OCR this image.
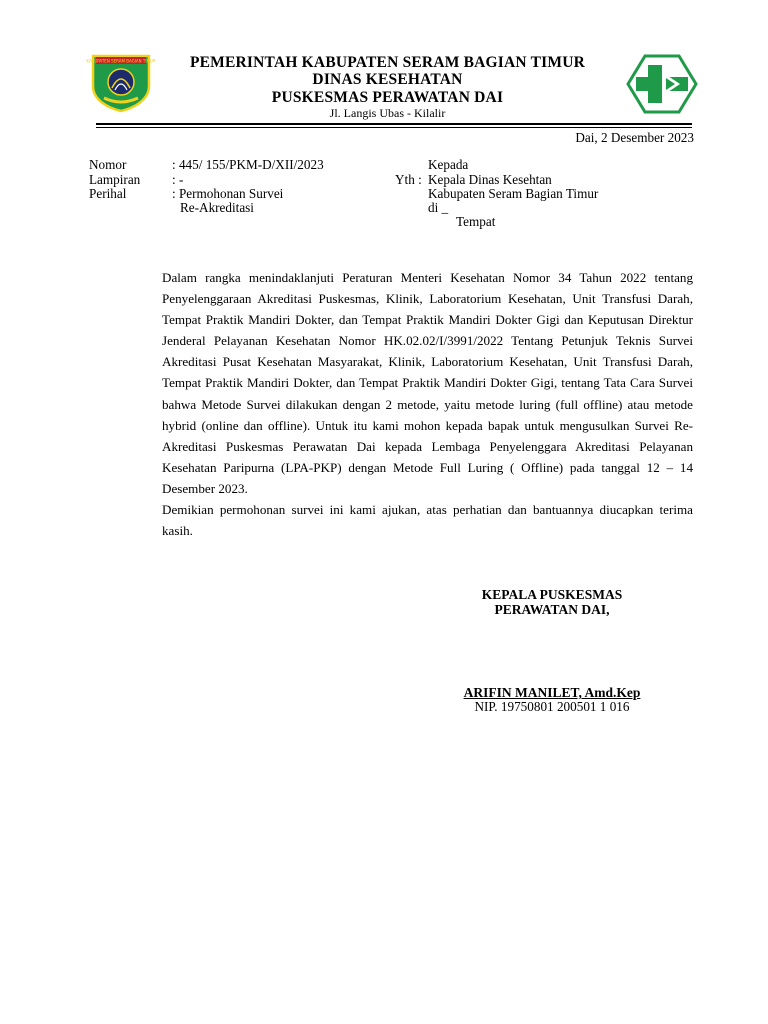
KABUPATEN SERAM BAGIAN TIMUR	PEMERINTAH KABUPATEN SERAM BAGIAN TIMUR
DINAS KESEHATAN
PUSKESMAS PERAWATAN DAI
Jl. Langis Ubas - Kilalir
Dai, 2 Desember 2023
Nomor	: 445/ 155/PKM-D/XII/2023
Lampiran : -
Perihal	: Permohonan Survei
Re-Akreditasi
Kepada
Yth : Kepala Dinas Kesehtan
Kabupaten Seram Bagian Timur
di _
Tempat

Dalam rangka menindaklanjuti Peraturan Menteri Kesehatan Nomor 34 Tahun 2022 tentang Penyelenggaraan Akreditasi Puskesmas, Klinik, Laboratorium Kesehatan, Unit Transfusi Darah, Tempat Praktik Mandiri Dokter, dan Tempat Praktik Mandiri Dokter Gigi dan Keputusan Direktur Jenderal Pelayanan Kesehatan Nomor HK.02.02/I/3991/2022 Tentang Petunjuk Teknis Survei Akreditasi Pusat Kesehatan Masyarakat, Klinik, Laboratorium Kesehatan, Unit Transfusi Darah, Tempat Praktik Mandiri Dokter, dan Tempat Praktik Mandiri Dokter Gigi, tentang Tata Cara Survei bahwa Metode Survei dilakukan dengan 2 metode, yaitu metode luring (full offline) atau metode hybrid (online dan offline). Untuk itu kami mohon kepada bapak untuk mengusulkan Survei Re-Akreditasi Puskesmas Perawatan Dai kepada Lembaga Penyelenggara Akreditasi Pelayanan Kesehatan Paripurna (LPA-PKP) dengan Metode Full Luring ( Offline) pada tanggal 12 – 14 Desember 2023.

Demikian permohonan survei ini kami ajukan, atas perhatian dan bantuannya diucapkan terima kasih.

KEPALA PUSKESMAS
PERAWATAN DAI,
ARIFIN MANILET, Amd.Kep
NIP. 19750801 200501 1 016
